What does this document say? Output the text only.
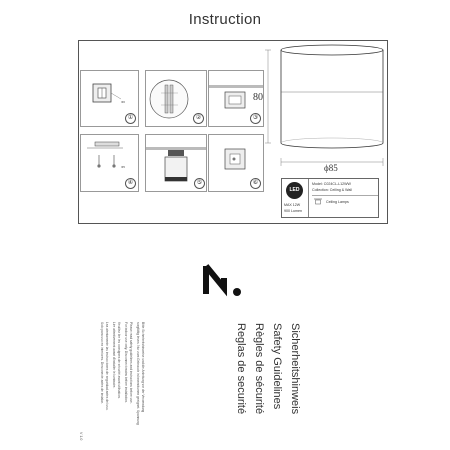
Instruction
Φ6
①	②	③
Φ5
④	⑤	⑥
80
ϕ85
LED
MAX 12W
900 Lumen
Model: C024CL-L12WW
Collection: Ceiling & Wall
Ceiling Lamps
Sicherheitshinweis
Safety Guidelines
Règles de sécurité
Reglas de securité
Bitte Sicherheitshinweise und die Anleitung vor der Verwendung
sorgfältig lesen. Nur zum Gebrauch in Innenräumen geeignet. Spannung
Please read safety guidelines and instructions before use.
For indoor use only. Disconnect mains before installation.
Veuillez lire les consignes de sécurité avant utilisation.
Lire attentivement avant d'installer le luminaire.
Lea atentamente las instrucciones de seguridad antes del uso.
Solo para uso en interiores. Desconecte antes de instalar.
V 1.0
